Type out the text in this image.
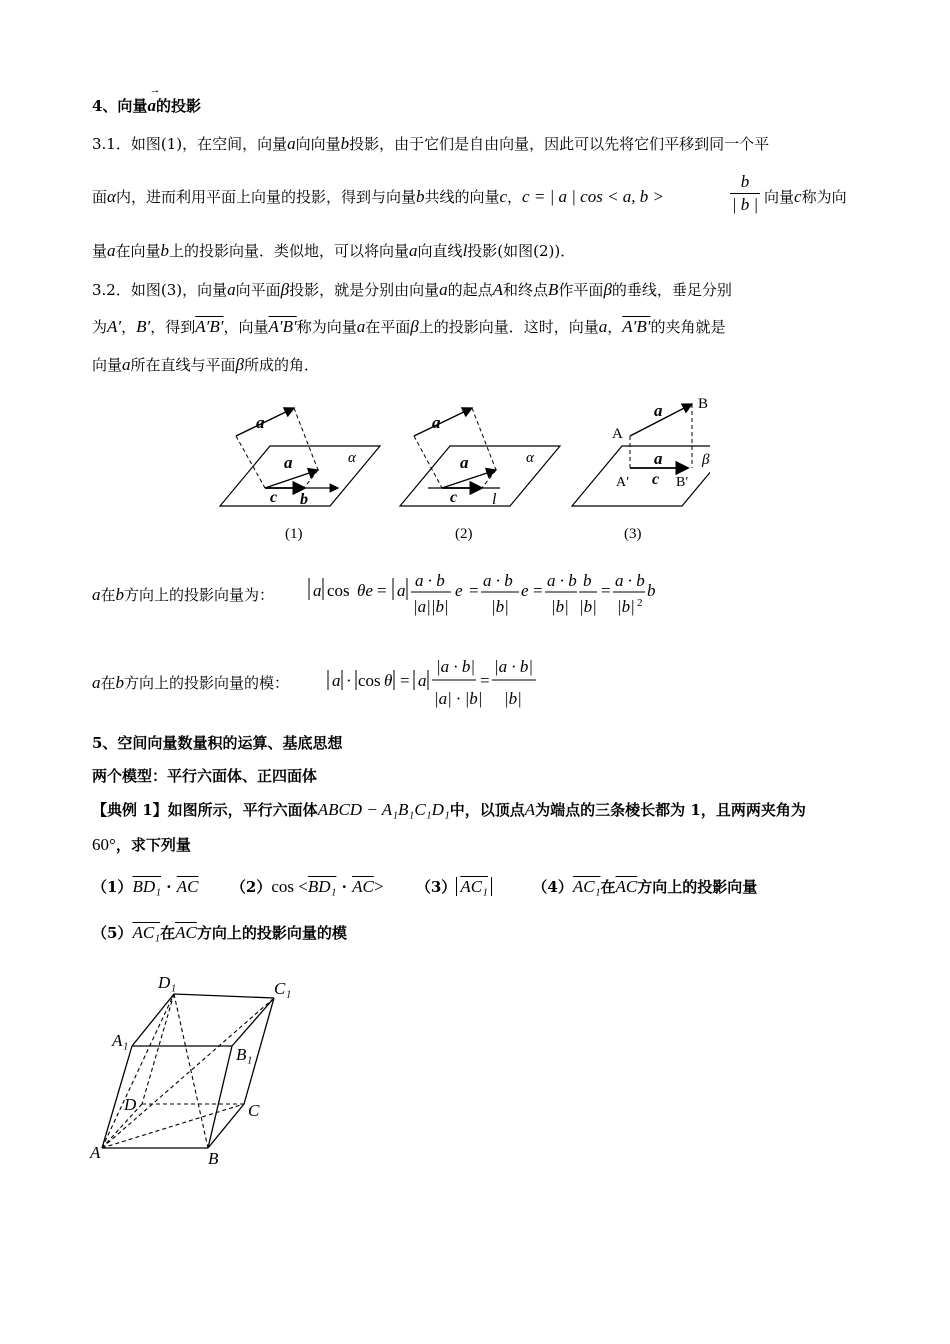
4、向量a
→
的投影
3.1．如图(1)，在空间，向量a向向量b投影，由于它们是自由向量，因此可以先将它们平移到同一个平
面α内，进而利用平面上向量的投影，得到与向量b共线的向量c，c = | a | cos < a, b >
b
| b | 向量c称为向
量a在向量b上的投影向量．类似地，可以将向量a向直线l投影(如图(2))．
3.2．如图(3)，向量a向平面β投影，就是分别由向量a的起点A和终点B作平面β的垂线，垂足分别
为A′，B′，得到A′B′，向量A′B′称为向量a在平面β上的投影向量．这时，向量a，A′B′的夹角就是
向量a所在直线与平面β所成的角．
a
a	α
c b
(1)
a
a	α
c l
(2)
a
a
A
B
β
A′ c B′
(3)
a在b方向上的投影向量为： a cos θe = a
a · b
|a||b|
e =
a · b
|b|
e =
a · b
|b|
b
|b|
=
a · b
|b| 2
b
a在b方向上的投影向量的模：	a · cos θ = a
|a · b|
|a| · |b|
=
|a · b|
|b|
5、空间向量数量积的运算、基底思想
两个模型：平行六面体、正四面体
【典例 1】如图所示，平行六面体ABCD − A₁B₁C₁D₁中，以顶点A为端点的三条棱长都为 1，且两两夹角为
60°，求下列量
$(1)BD_1 \cdot \overline{AC}$ $(2)\cos <BD_1 \cdot \overline{AC}> (3)$ AC₁	（4）AC₁在$\overline{AC}$方向上的投影向量
（5）AC₁在$\overline{AC}$方向上的投影向量的模
D₁	C₁
A₁
B₁
D	C
A	B
